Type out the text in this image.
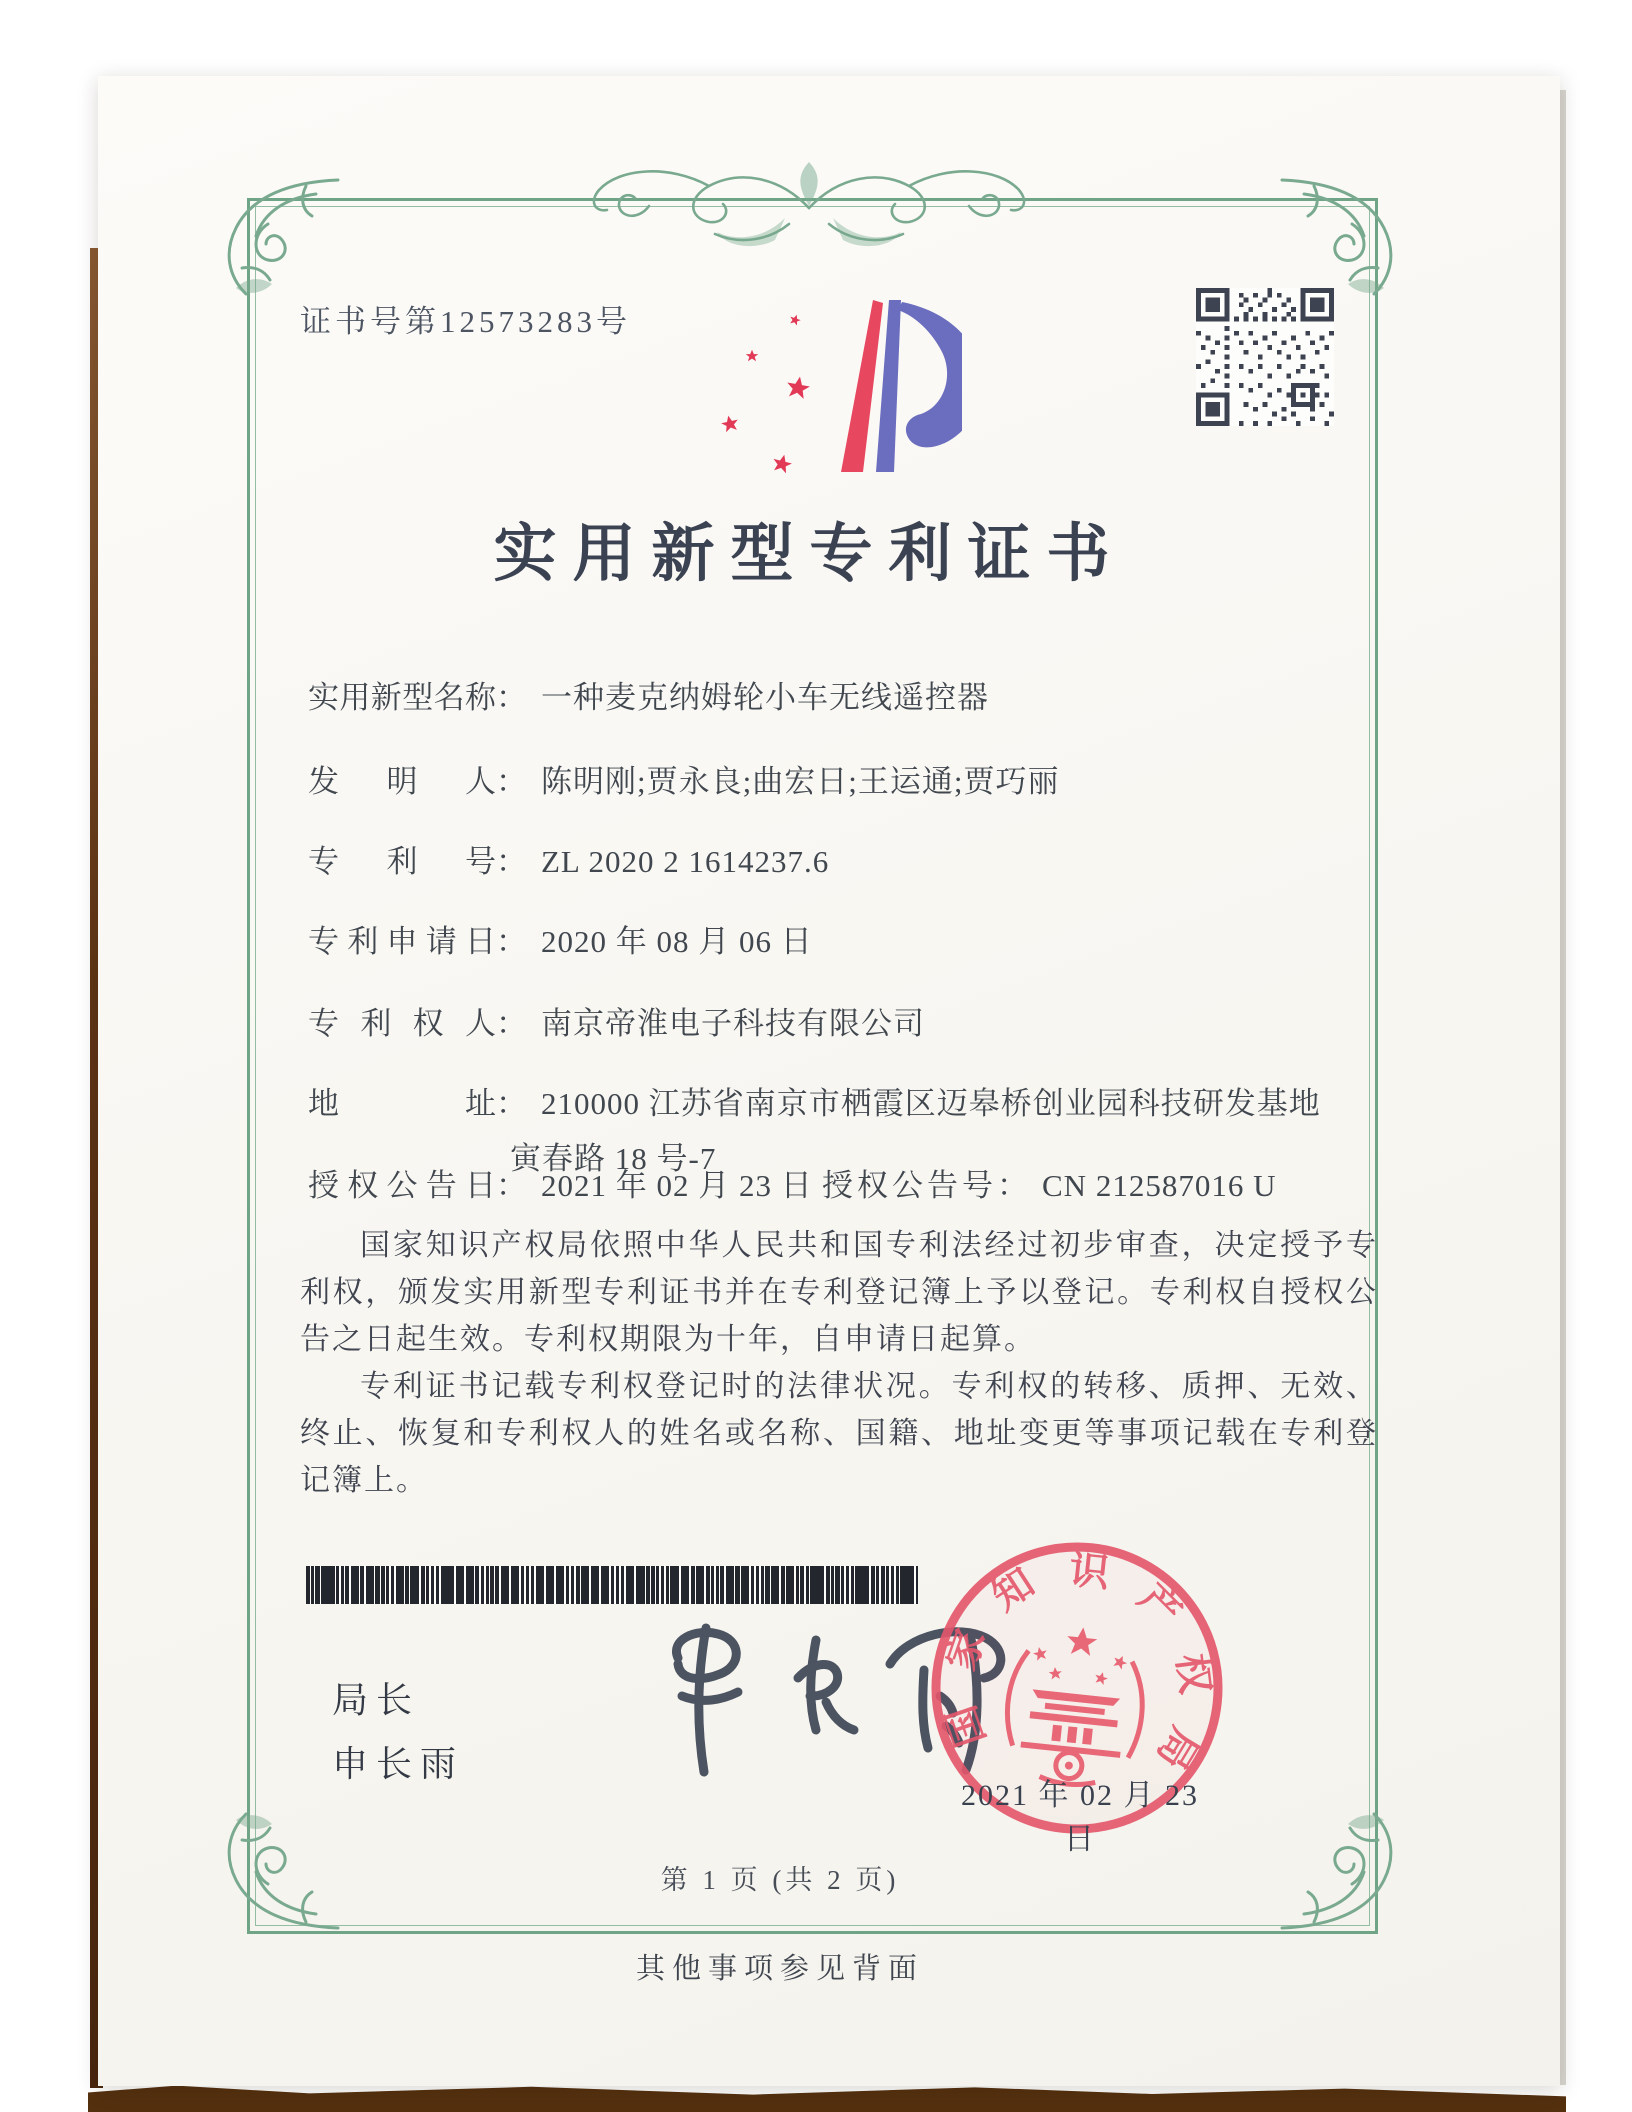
证书号第12573283号
实用新型专利证书
实用新型名称： 一种麦克纳姆轮小车无线遥控器
发明人： 陈明刚;贾永良;曲宏日;王运通;贾巧丽
专利号： ZL 2020 2 1614237.6
专利申请日： 2020 年 08 月 06 日
专利权人： 南京帝淮电子科技有限公司
地址： 210000 江苏省南京市栖霞区迈皋桥创业园科技研发基地
寅春路 18 号-7
授权公告日： 2021 年 02 月 23 日 授权公告号： CN 212587016 U

国家知识产权局依照中华人民共和国专利法经过初步审查，决定授予专利权，颁发实用新型专利证书并在专利登记簿上予以登记。专利权自授权公告之日起生效。专利权期限为十年，自申请日起算。

专利证书记载专利权登记时的法律状况。专利权的转移、质押、无效、终止、恢复和专利权人的姓名或名称、国籍、地址变更等事项记载在专利登记簿上。

局长
申长雨
国
家
知 识
产
权
局
2021 年 02 月 23 日
第 1 页 (共 2 页)
其他事项参见背面
